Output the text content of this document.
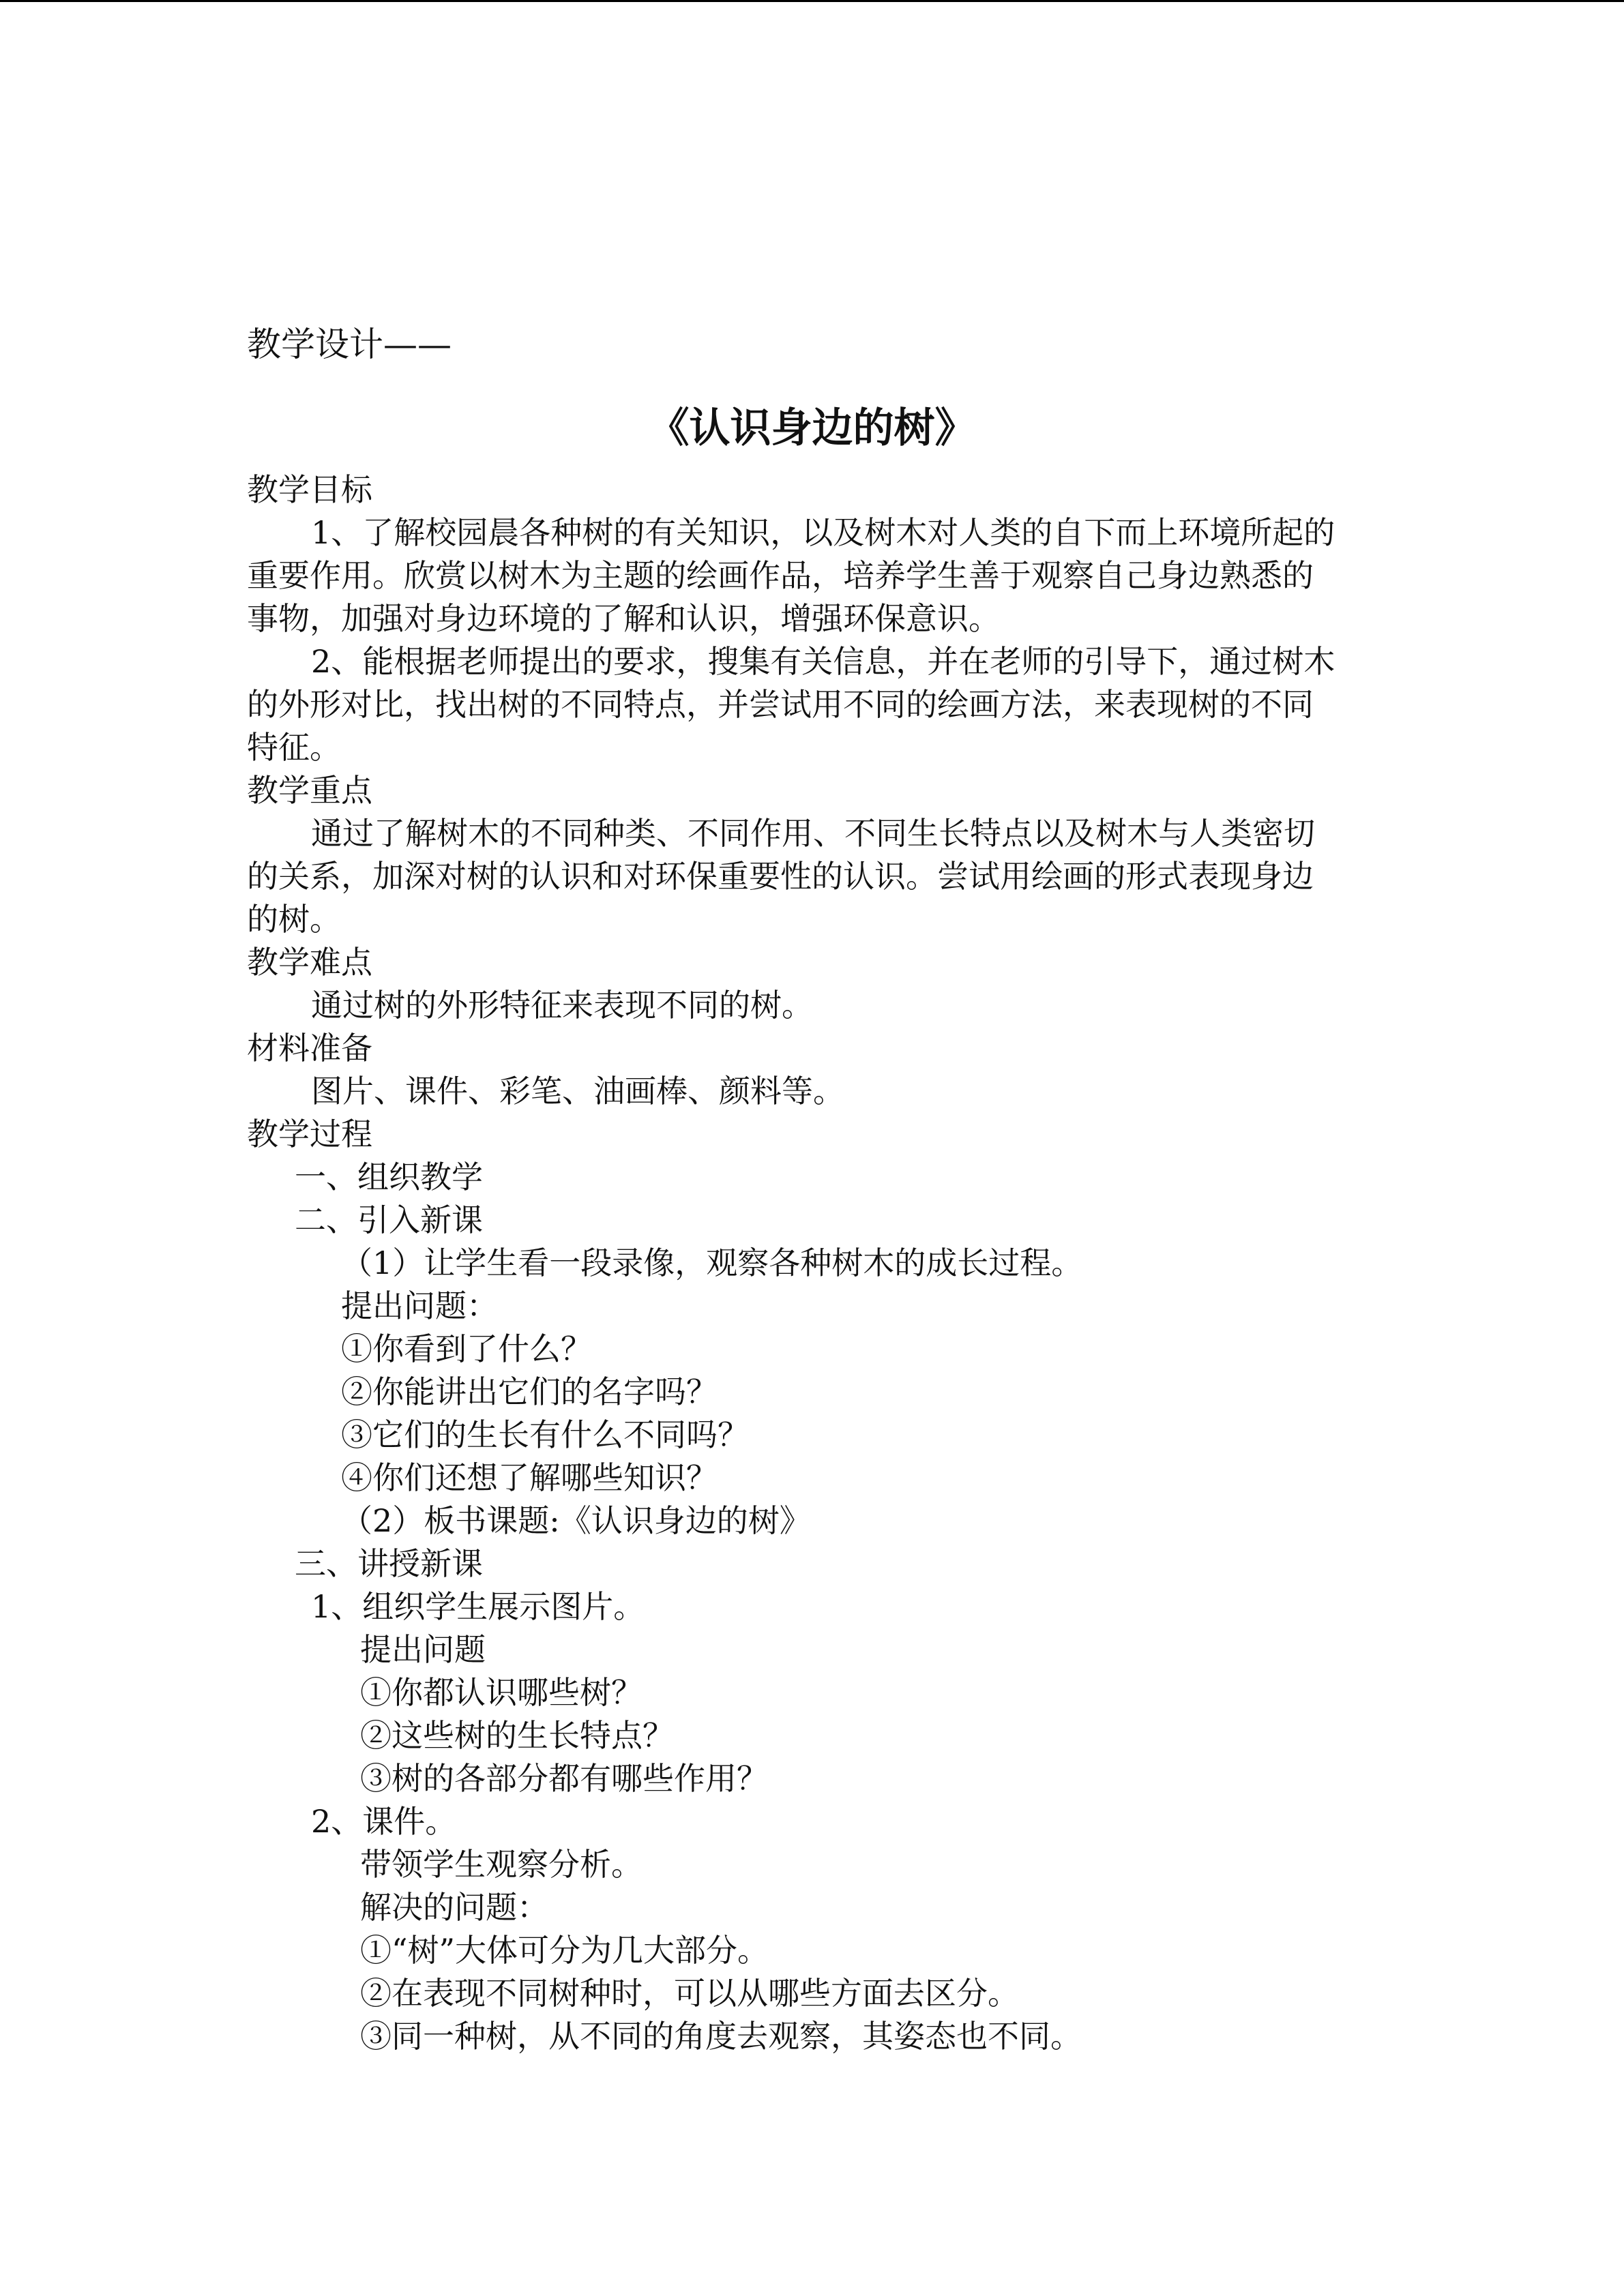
教学设计——
《认识身边的树》
教学目标
1、了解校园晨各种树的有关知识，以及树木对人类的自下而上环境所起的
重要作用。欣赏以树木为主题的绘画作品，培养学生善于观察自己身边熟悉的
事物，加强对身边环境的了解和认识，增强环保意识。
2、能根据老师提出的要求，搜集有关信息，并在老师的引导下，通过树木
的外形对比，找出树的不同特点，并尝试用不同的绘画方法，来表现树的不同
特征。
教学重点
通过了解树木的不同种类、不同作用、不同生长特点以及树木与人类密切
的关系，加深对树的认识和对环保重要性的认识。尝试用绘画的形式表现身边
的树。
教学难点
通过树的外形特征来表现不同的树。
材料准备
图片、课件、彩笔、油画棒、颜料等。
教学过程
一、组织教学
二、引入新课
（1）让学生看一段录像，观察各种树木的成长过程。
提出问题：
①你看到了什么？
②你能讲出它们的名字吗？
③它们的生长有什么不同吗？
④你们还想了解哪些知识？
（2）板书课题:《认识身边的树》
三、讲授新课
1、组织学生展示图片。
提出问题
①你都认识哪些树？
②这些树的生长特点？
③树的各部分都有哪些作用？
2、课件。
带领学生观察分析。
解决的问题：
①“树”大体可分为几大部分。
②在表现不同树种时，可以从哪些方面去区分。
③同一种树，从不同的角度去观察，其姿态也不同。
